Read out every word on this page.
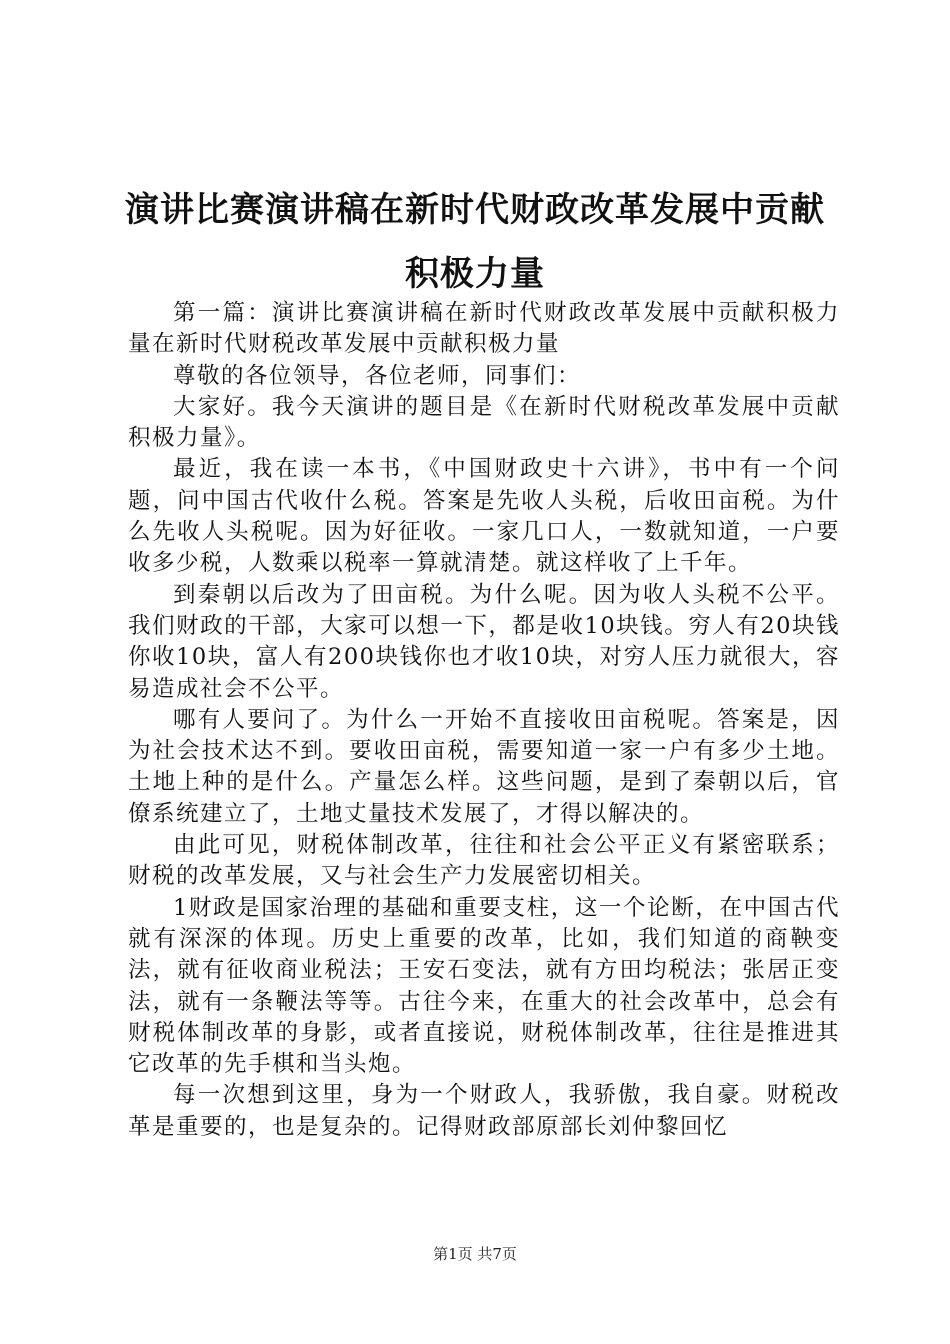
演讲比赛演讲稿在新时代财政改革发展中贡献积极力量

第一篇：演讲比赛演讲稿在新时代财政改革发展中贡献积极力量在新时代财税改革发展中贡献积极力量

尊敬的各位领导，各位老师，同事们：

大家好。我今天演讲的题目是《在新时代财税改革发展中贡献积极力量》。

最近，我在读一本书，《中国财政史十六讲》，书中有一个问题，问中国古代收什么税。答案是先收人头税，后收田亩税。为什么先收人头税呢。因为好征收。一家几口人，一数就知道，一户要收多少税，人数乘以税率一算就清楚。就这样收了上千年。

到秦朝以后改为了田亩税。为什么呢。因为收人头税不公平。我们财政的干部，大家可以想一下，都是收10块钱。穷人有20块钱你收10块，富人有200块钱你也才收10块，对穷人压力就很大，容易造成社会不公平。

哪有人要问了。为什么一开始不直接收田亩税呢。答案是，因为社会技术达不到。要收田亩税，需要知道一家一户有多少土地。土地上种的是什么。产量怎么样。这些问题，是到了秦朝以后，官僚系统建立了，土地丈量技术发展了，才得以解决的。

由此可见，财税体制改革，往往和社会公平正义有紧密联系；财税的改革发展，又与社会生产力发展密切相关。

1财政是国家治理的基础和重要支柱，这一个论断，在中国古代就有深深的体现。历史上重要的改革，比如，我们知道的商鞅变法，就有征收商业税法；王安石变法，就有方田均税法；张居正变法，就有一条鞭法等等。古往今来，在重大的社会改革中，总会有财税体制改革的身影，或者直接说，财税体制改革，往往是推进其它改革的先手棋和当头炮。

每一次想到这里，身为一个财政人，我骄傲，我自豪。财税改革是重要的，也是复杂的。记得财政部原部长刘仲黎回忆

第1页 共7页
